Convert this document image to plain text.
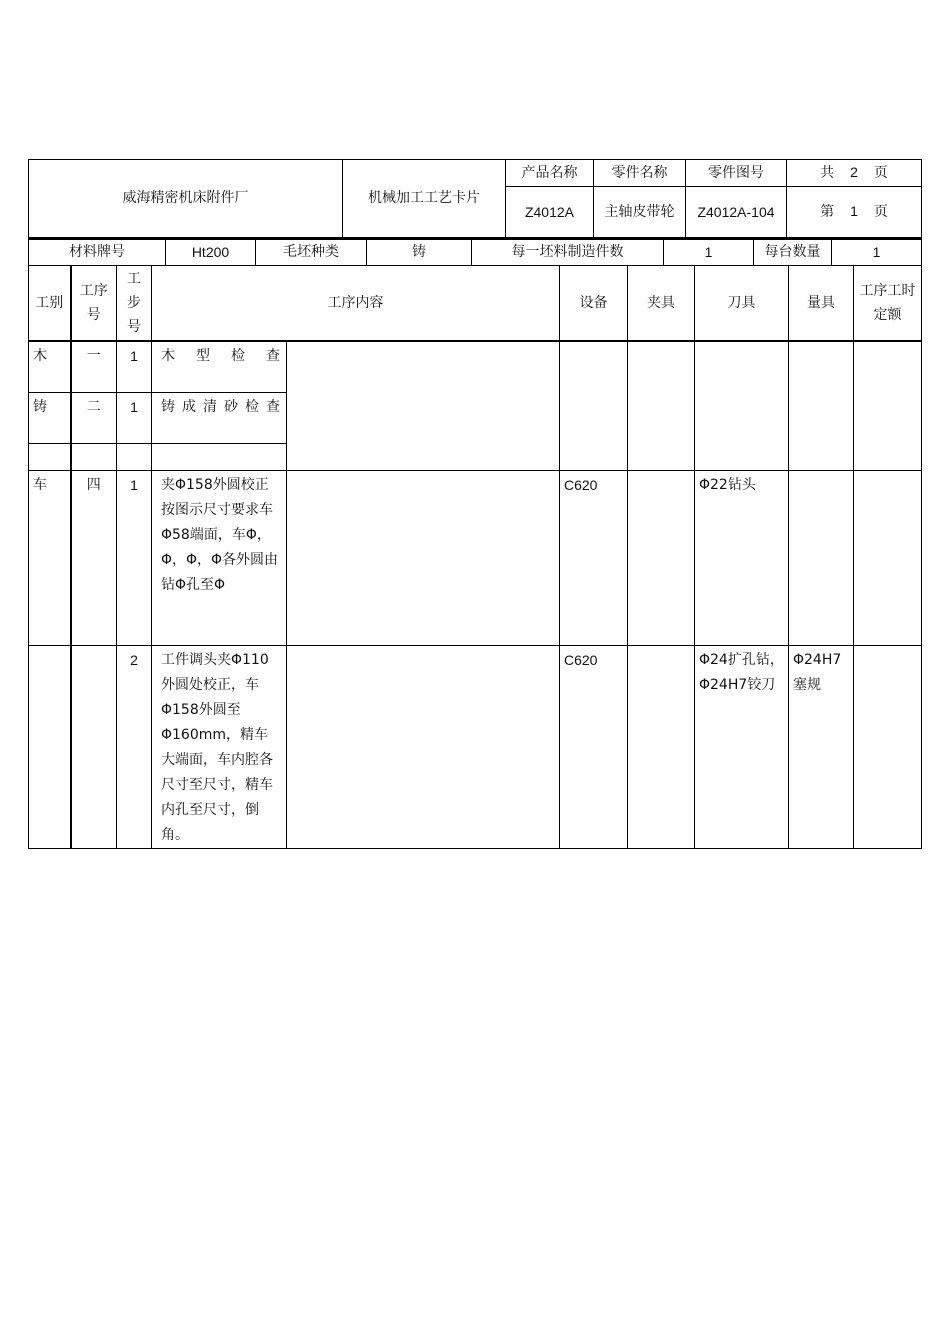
威海精密机床附件厂	机械加工工艺卡片	产品名称	零件名称	零件图号	共 2 页
		Z4012A	主轴皮带轮	Z4012A-104	第 1 页
材料牌号	Ht200	毛坯种类	铸	每一坯料制造件数	1	每台数量	1
工别	工序号	工步号	工序内容		设备	夹具	刀具	量具	工序工时定额
木	一	1	木型检查						
铸	二	1	铸成清砂检查						

车	四	1	夹Φ158外圆校正按图示尺寸要求车Φ58端面，车Φ，Φ，Φ，Φ各外圆由钻Φ孔至Φ		C620		Φ22钻头		
		2	工件调头夹Φ110外圆处校正，车Φ158外圆至Φ160mm，精车大端面，车内腔各尺寸至尺寸，精车内孔至尺寸，倒角。		C620		Φ24扩孔钻，Φ24H7铰刀	Φ24H7塞规	
